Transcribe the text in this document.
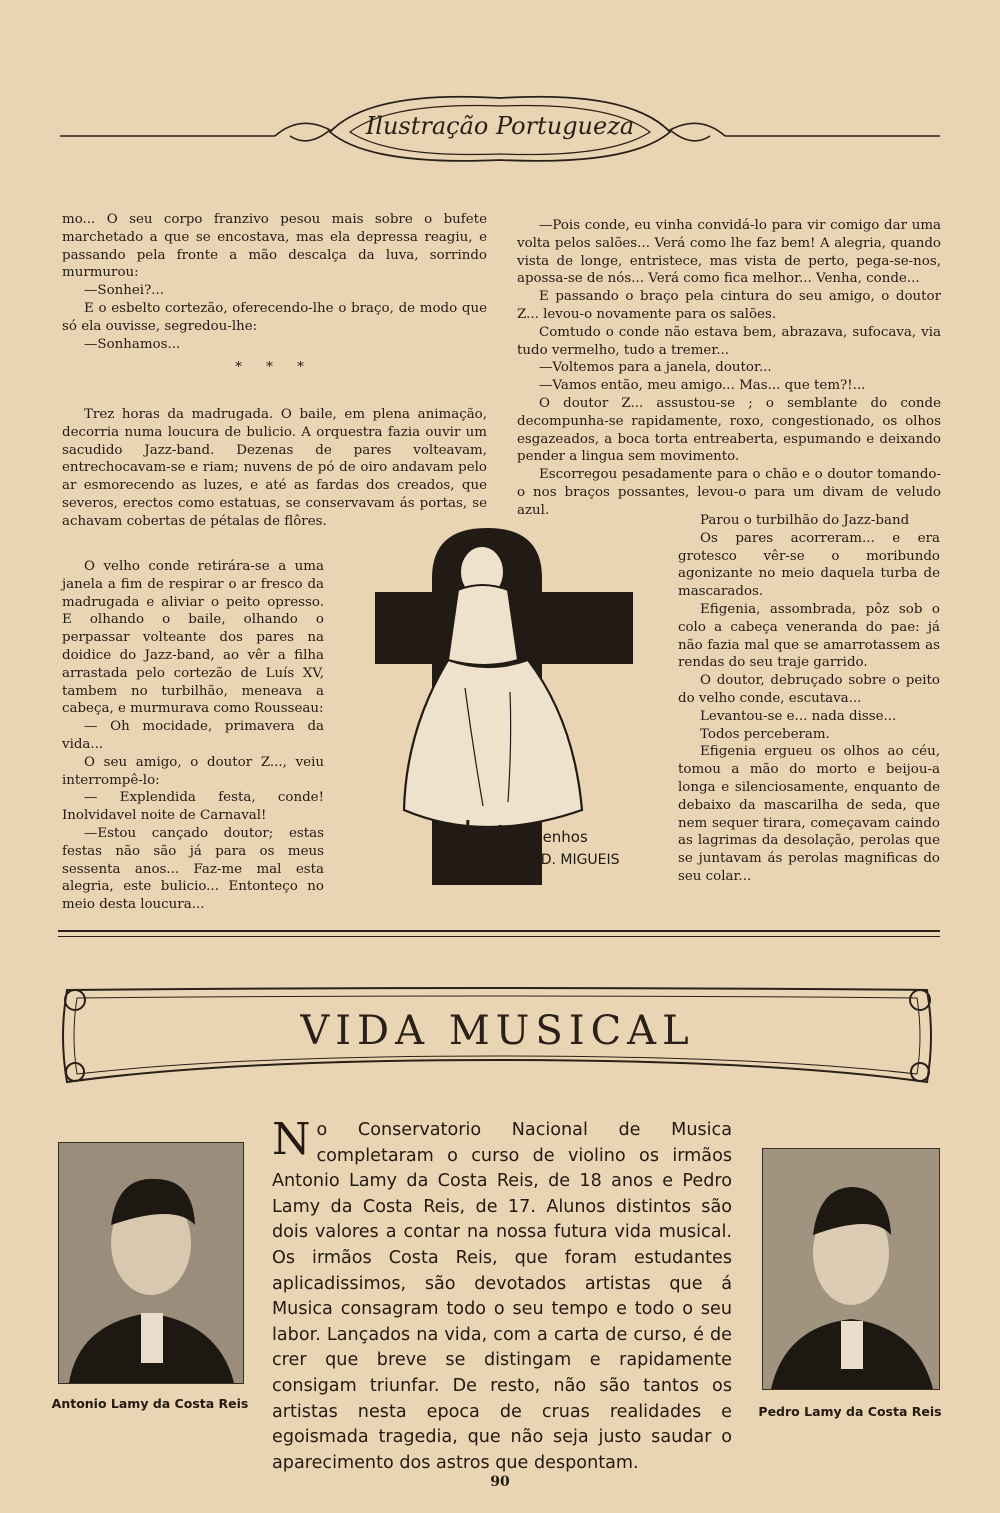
Ilustração Portugueza

mo... O seu corpo franzivo pesou mais sobre o bufete marchetado a que se encostava, mas ela depressa reagiu, e passando pela fronte a mão descalça da luva, sorrindo murmurou:

—Sonhei?...

E o esbelto cortezão, oferecendo-lhe o braço, de modo que só ela ouvisse, segredou-lhe:

—Sonhamos...

* * *

Trez horas da madrugada. O baile, em plena animação, decorria numa loucura de bulicio. A orquestra fazia ouvir um sacudido Jazz-band. Dezenas de pares volteavam, entrechocavam-se e riam; nuvens de pó de oiro andavam pelo ar esmorecendo as luzes, e até as fardas dos creados, que severos, erectos como estatuas, se conservavam ás portas, se achavam cobertas de pétalas de flôres.

O velho conde retirára-se a uma janela a fim de respirar o ar fresco da madrugada e aliviar o peito opresso. E olhando o baile, olhando o perpassar volteante dos pares na doidice do Jazz-band, ao vêr a filha arrastada pelo cortezão de Luís XV, tambem no turbilhão, meneava a cabeça, e murmurava como Rousseau:

— Oh mocidade, primavera da vida...

O seu amigo, o doutor Z..., veiu interrompê-lo:

— Explendida festa, conde! Inolvidavel noite de Carnaval!

—Estou cançado doutor; estas festas não são já para os meus sessenta anos... Faz-me mal esta alegria, este bulicio... Entonteço no meio desta loucura...

—Pois conde, eu vinha convidá-lo para vir comigo dar uma volta pelos salões... Verá como lhe faz bem! A alegria, quando vista de longe, entristece, mas vista de perto, pega-se-nos, apossa-se de nós... Verá como fica melhor... Venha, conde...

E passando o braço pela cintura do seu amigo, o doutor Z... levou-o novamente para os salões.

Comtudo o conde não estava bem, abrazava, sufocava, via tudo vermelho, tudo a tremer...

—Voltemos para a janela, doutor...

—Vamos então, meu amigo... Mas... que tem?!...

O doutor Z... assustou-se ; o semblante do conde decompunha-se rapidamente, roxo, congestionado, os olhos esgazeados, a boca torta entreaberta, espumando e deixando pender a lingua sem movimento.

Escorregou pesadamente para o chão e o doutor tomando-o nos braços possantes, levou-o para um divam de veludo azul.

Parou o turbilhão do Jazz-band

Os pares acorreram... e era grotesco vêr-se o moribundo agonizante no meio daquela turba de mascarados.

Efigenia, assombrada, pôz sob o colo a cabeça veneranda do pae: já não fazia mal que se amarrotassem as rendas do seu traje garrido.

O doutor, debruçado sobre o peito do velho conde, escutava...

Levantou-se e... nada disse...

Todos perceberam.

Efigenia ergueu os olhos ao céu, tomou a mão do morto e beijou-a longa e silenciosamente, enquanto de debaixo da mascarilha de seda, que nem sequer tirara, começavam caindo as lagrimas da desolação, perolas que se juntavam ás perolas magnificas do seu colar...

desenhos
de ROD. MIGUEIS
VIDA MUSICAL
Antonio Lamy da Costa Reis
Pedro Lamy da Costa Reis
N o Conservatorio Nacional de Musica completaram o curso de violino os irmãos Antonio Lamy da Costa Reis, de 18 anos e Pedro Lamy da Costa Reis, de 17. Alunos distintos são dois valores a contar na nossa futura vida musical. Os irmãos Costa Reis, que foram estudantes aplicadissimos, são devotados artistas que á Musica consagram todo o seu tempo e todo o seu labor. Lançados na vida, com a carta de curso, é de crer que breve se distingam e rapidamente consigam triunfar. De resto, não são tantos os artistas nesta epoca de cruas realidades e egoismada tragedia, que não seja justo saudar o aparecimento dos astros que despontam.
90
